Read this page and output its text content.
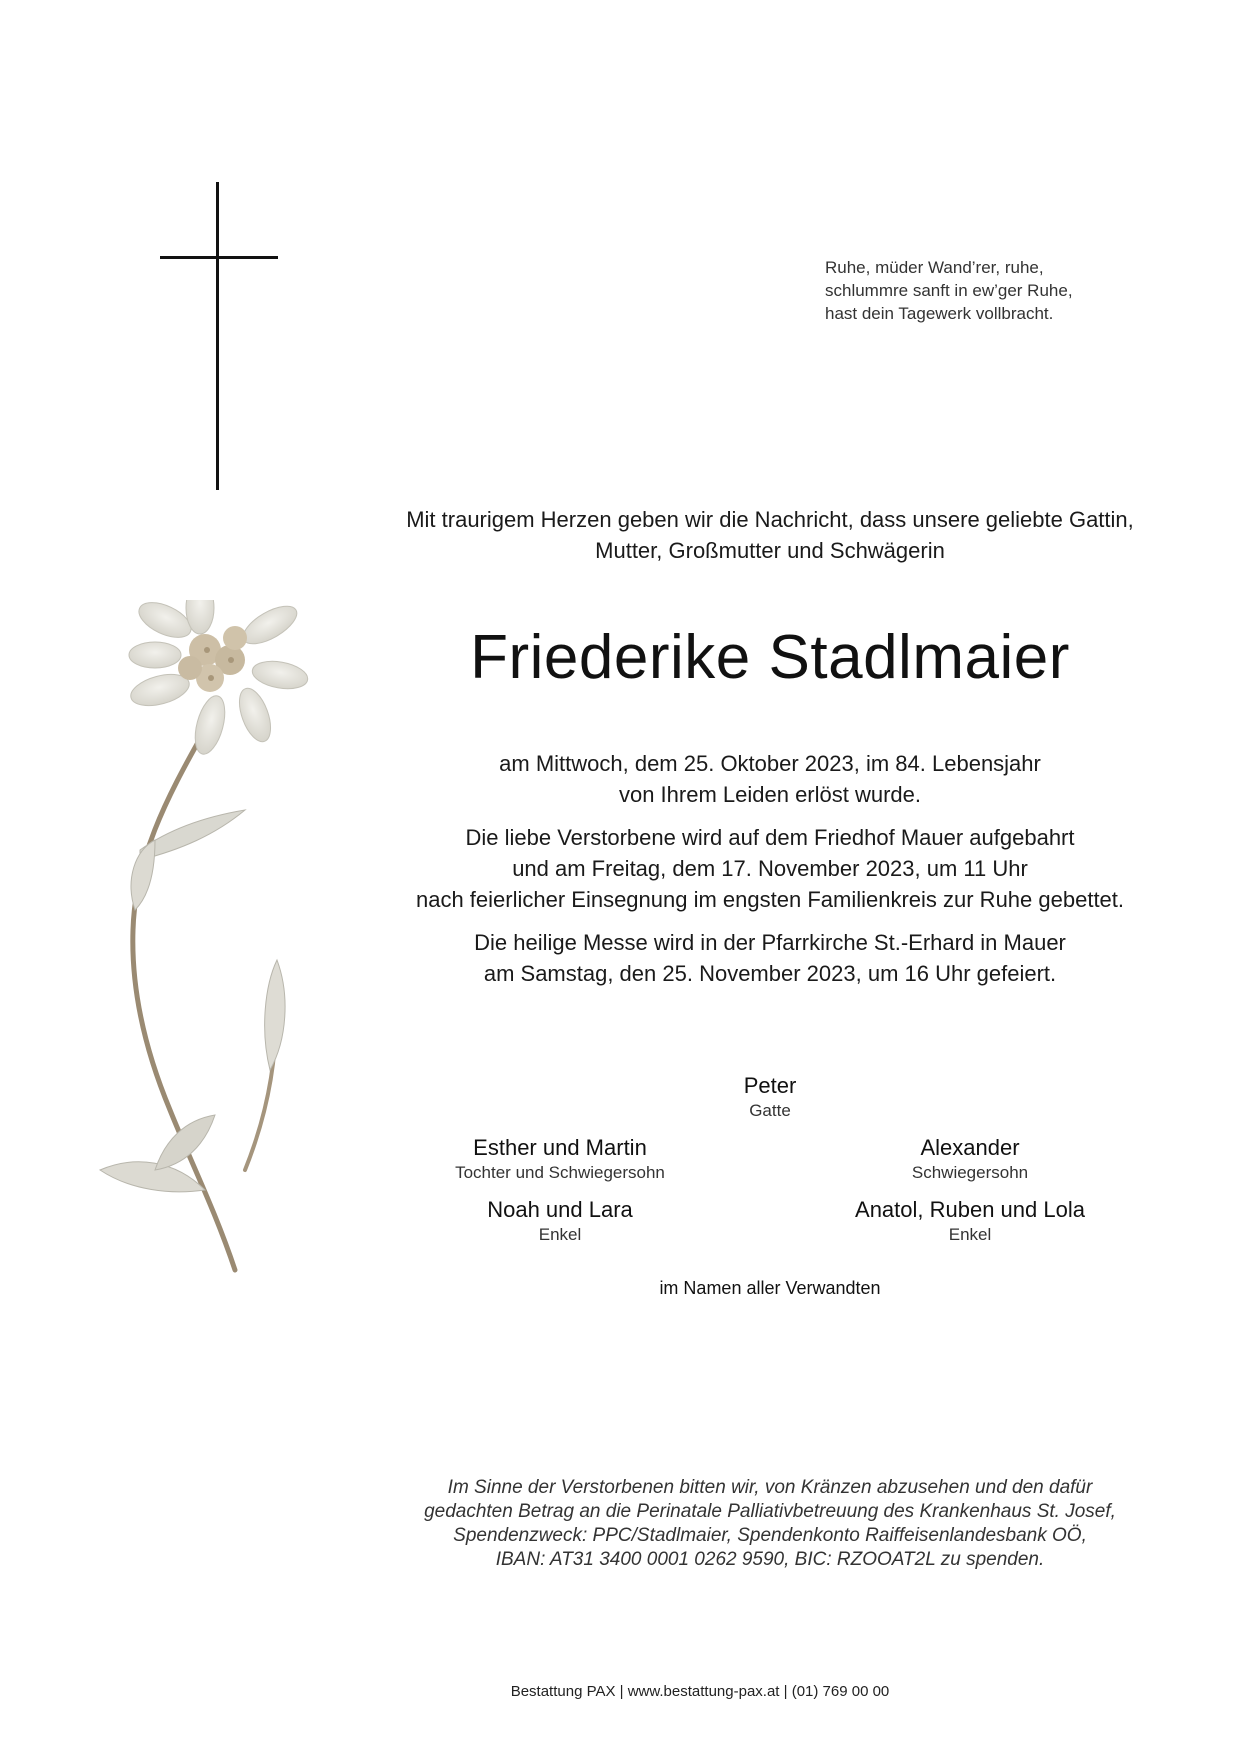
Ruhe, müder Wand’rer, ruhe,
schlummre sanft in ew’ger Ruhe,
hast dein Tagewerk vollbracht.
Mit traurigem Herzen geben wir die Nachricht, dass unsere geliebte Gattin,
Mutter, Großmutter und Schwägerin
Friederike Stadlmaier

am Mittwoch, dem 25. Oktober 2023, im 84. Lebensjahr
von Ihrem Leiden erlöst wurde.

Die liebe Verstorbene wird auf dem Friedhof Mauer aufgebahrt
und am Freitag, dem 17. November 2023, um 11 Uhr
nach feierlicher Einsegnung im engsten Familienkreis zur Ruhe gebettet.

Die heilige Messe wird in der Pfarrkirche St.-Erhard in Mauer
am Samstag, den 25. November 2023, um 16 Uhr gefeiert.

Peter
Gatte
Esther und Martin
Tochter und Schwiegersohn
Alexander
Schwiegersohn
Noah und Lara
Enkel
Anatol, Ruben und Lola
Enkel
im Namen aller Verwandten
Im Sinne der Verstorbenen bitten wir, von Kränzen abzusehen und den dafür
gedachten Betrag an die Perinatale Palliativbetreuung des Krankenhaus St. Josef,
Spendenzweck: PPC/Stadlmaier, Spendenkonto Raiffeisenlandesbank OÖ,
IBAN: AT31 3400 0001 0262 9590, BIC: RZOOAT2L zu spenden.
Bestattung PAX | www.bestattung-pax.at | (01) 769 00 00
